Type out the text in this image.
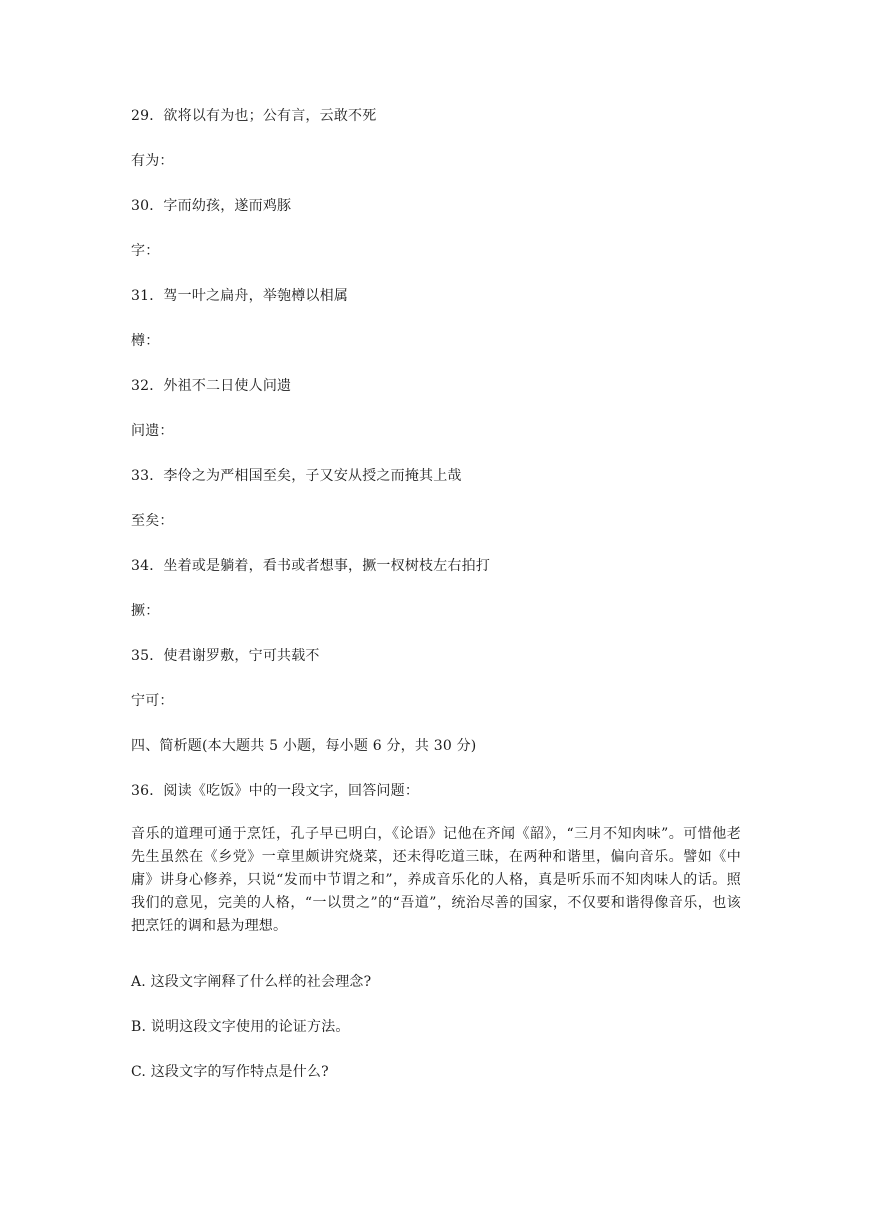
29．欲将以有为也；公有言，云敢不死
有为：
30．字而幼孩，遂而鸡豚
字：
31．驾一叶之扁舟，举匏樽以相属
樽：
32．外祖不二日使人问遗
问遗：
33．李伶之为严相国至矣，子又安从授之而掩其上哉
至矣：
34．坐着或是躺着，看书或者想事，撅一杈树枝左右拍打
撅：
35．使君谢罗敷，宁可共载不
宁可：
四、简析题(本大题共 5 小题，每小题 6 分，共 30 分)
36．阅读《吃饭》中的一段文字，回答问题：
音乐的道理可通于烹饪，孔子早已明白，《论语》记他在齐闻《韶》，“三月不知肉味”。可惜他老先生虽然在《乡党》一章里颇讲究烧菜，还未得吃道三昧，在两种和谐里，偏向音乐。譬如《中庸》讲身心修养，只说“发而中节谓之和”，养成音乐化的人格，真是听乐而不知肉味人的话。照我们的意见，完美的人格，“一以贯之”的“吾道”，统治尽善的国家，不仅要和谐得像音乐，也该把烹饪的调和悬为理想。
A. 这段文字阐释了什么样的社会理念?
B. 说明这段文字使用的论证方法。
C. 这段文字的写作特点是什么?
